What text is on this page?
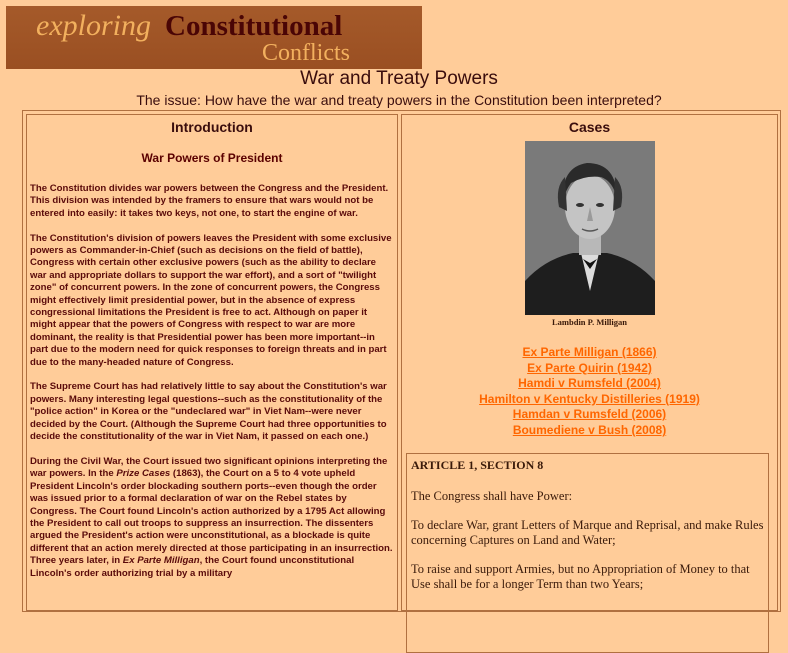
exploring Constitutional
Conflicts
War and Treaty Powers
The issue: How have the war and treaty powers in the Constitution been interpreted?
Introduction
War Powers of President

The Constitution divides war powers between the Congress and the President. This division was intended by the framers to ensure that wars would not be entered into easily: it takes two keys, not one, to start the engine of war.

The Constitution's division of powers leaves the President with some exclusive powers as Commander-in-Chief (such as decisions on the field of battle), Congress with certain other exclusive powers (such as the ability to declare war and appropriate dollars to support the war effort), and a sort of "twilight zone" of concurrent powers. In the zone of concurrent powers, the Congress might effectively limit presidential power, but in the absence of express congressional limitations the President is free to act. Although on paper it might appear that the powers of Congress with respect to war are more dominant, the reality is that Presidential power has been more important--in part due to the modern need for quick responses to foreign threats and in part due to the many-headed nature of Congress.

The Supreme Court has had relatively little to say about the Constitution's war powers. Many interesting legal questions--such as the constitutionality of the "police action" in Korea or the "undeclared war" in Viet Nam--were never decided by the Court. (Although the Supreme Court had three opportunities to decide the constitutionality of the war in Viet Nam, it passed on each one.)

During the Civil War, the Court issued two significant opinions interpreting the war powers. In the Prize Cases (1863), the Court on a 5 to 4 vote upheld President Lincoln's order blockading southern ports--even though the order was issued prior to a formal declaration of war on the Rebel states by Congress. The Court found Lincoln's action authorized by a 1795 Act allowing the President to call out troops to suppress an insurrection. The dissenters argued the President's action were unconstitutional, as a blockade is quite different that an action merely directed at those participating in an insurrection. Three years later, in Ex Parte Milligan, the Court found unconstitutional Lincoln's order authorizing trial by a military

Cases
Lambdin P. Milligan
Ex Parte Milligan (1866)
Ex Parte Quirin (1942)
Hamdi v Rumsfeld (2004)
Hamilton v Kentucky Distilleries (1919)
Hamdan v Rumsfeld (2006)
Boumediene v Bush (2008)
ARTICLE 1, SECTION 8

The Congress shall have Power:

To declare War, grant Letters of Marque and Reprisal, and make Rules concerning Captures on Land and Water;

To raise and support Armies, but no Appropriation of Money to that Use shall be for a longer Term than two Years;
